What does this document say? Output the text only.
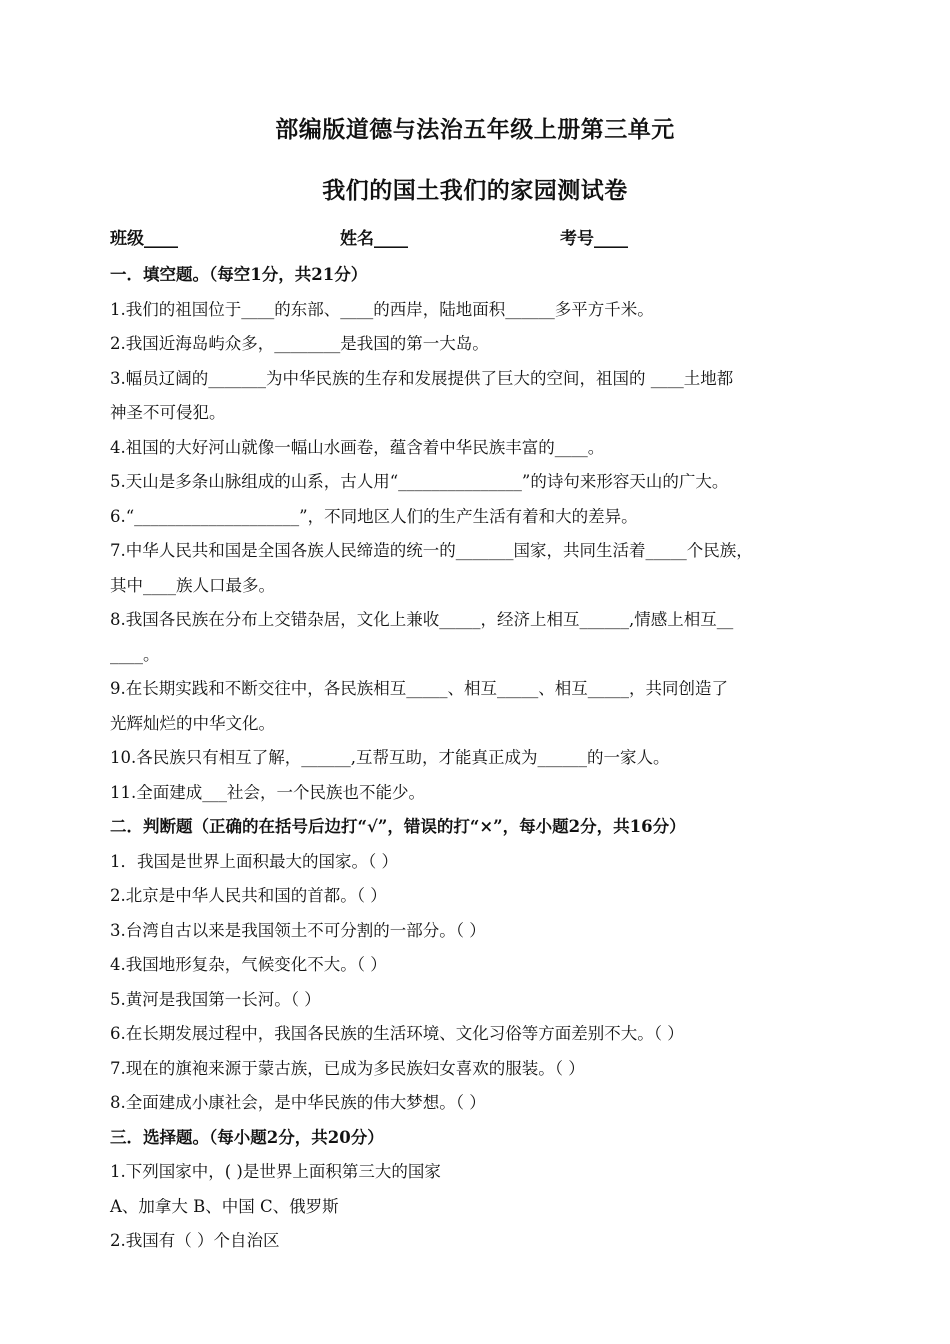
部编版道德与法治五年级上册第三单元
我们的国土我们的家园测试卷
班级____	姓名____	考号____
一．填空题。（每空1分，共21分）
1.我们的祖国位于____的东部、____的西岸，陆地面积______多平方千米。
2.我国近海岛屿众多，________是我国的第一大岛。
3.幅员辽阔的_______为中华民族的生存和发展提供了巨大的空间，祖国的 ____土地都
神圣不可侵犯。
4.祖国的大好河山就像一幅山水画卷，蕴含着中华民族丰富的____。
5.天山是多条山脉组成的山系，古人用“_______________”的诗句来形容天山的广大。
6.“____________________”，不同地区人们的生产生活有着和大的差异。
7.中华人民共和国是全国各族人民缔造的统一的_______国家，共同生活着_____个民族，
其中____族人口最多。
8.我国各民族在分布上交错杂居，文化上兼收_____，经济上相互______,情感上相互__
____。
9.在长期实践和不断交往中，各民族相互_____、相互_____、相互_____，共同创造了
光辉灿烂的中华文化。
10.各民族只有相互了解，______,互帮互助，才能真正成为______的一家人。
11.全面建成___社会，一个民族也不能少。
二．判断题（正确的在括号后边打“√”，错误的打“×”，每小题2分，共16分）
1．我国是世界上面积最大的国家。（ ）
2.北京是中华人民共和国的首都。（ ）
3.台湾自古以来是我国领土不可分割的一部分。（ ）
4.我国地形复杂，气候变化不大。（ ）
5.黄河是我国第一长河。（ ）
6.在长期发展过程中，我国各民族的生活环境、文化习俗等方面差别不大。（ ）
7.现在的旗袍来源于蒙古族，已成为多民族妇女喜欢的服装。（ ）
8.全面建成小康社会，是中华民族的伟大梦想。（ ）
三．选择题。（每小题2分，共20分）
1.下列国家中，( )是世界上面积第三大的国家
A、加拿大 B、中国 C、俄罗斯
2.我国有（ ）个自治区
